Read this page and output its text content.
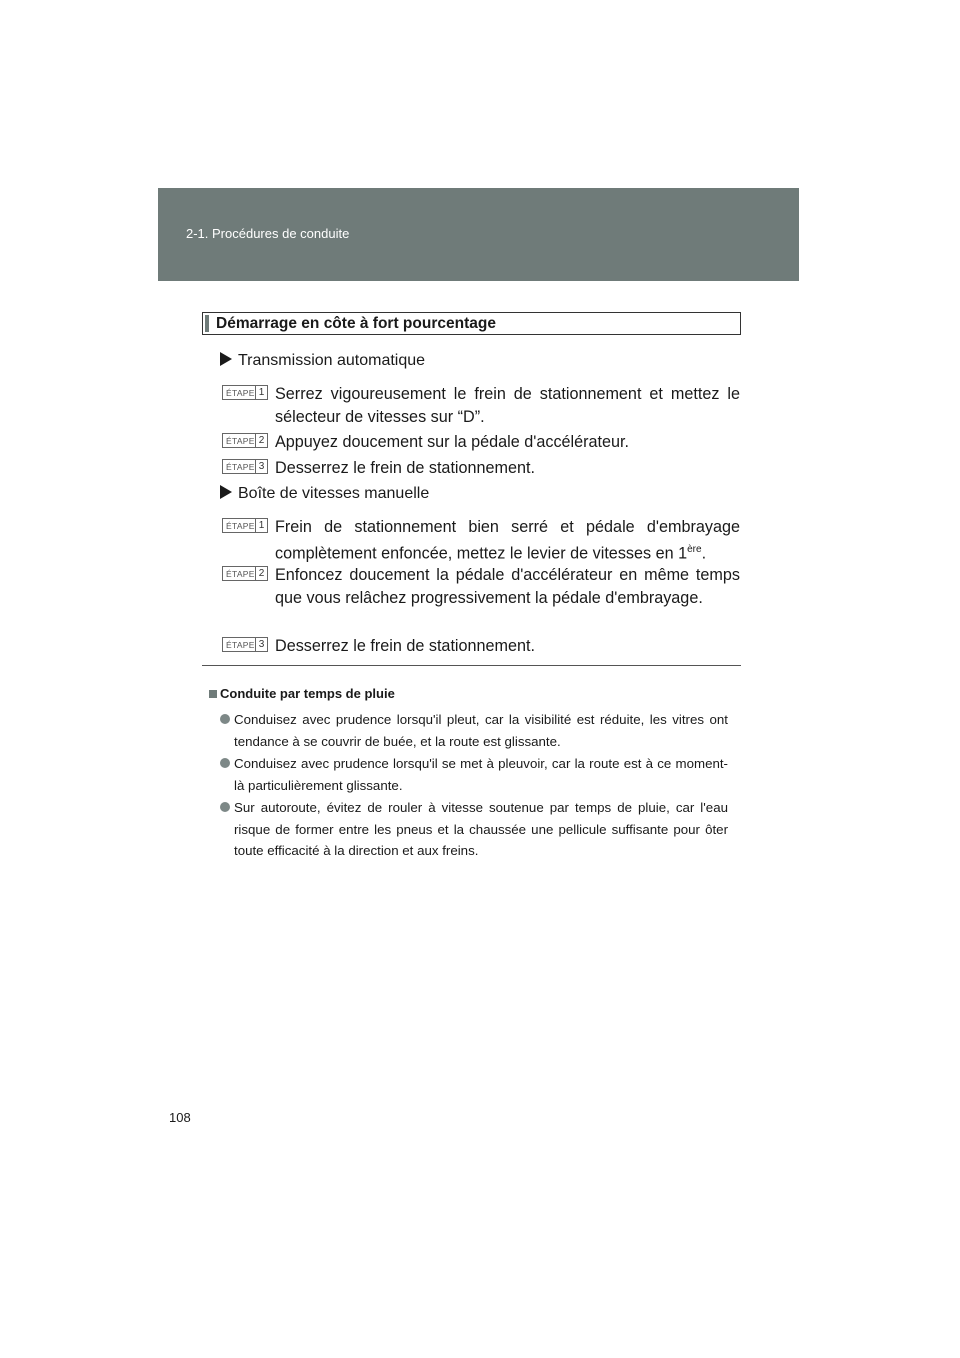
2-1. Procédures de conduite
Démarrage en côte à fort pourcentage
Transmission automatique
ÉTAPE 1 Serrez vigoureusement le frein de stationnement et mettez le sélecteur de vitesses sur “D”.
ÉTAPE 2 Appuyez doucement sur la pédale d'accélérateur.
ÉTAPE 3 Desserrez le frein de stationnement.
Boîte de vitesses manuelle
ÉTAPE 1 Frein de stationnement bien serré et pédale d'embrayage complètement enfoncée, mettez le levier de vitesses en 1ère.
ÉTAPE 2 Enfoncez doucement la pédale d'accélérateur en même temps que vous relâchez progressivement la pédale d'embrayage.
ÉTAPE 3 Desserrez le frein de stationnement.
Conduite par temps de pluie
Conduisez avec prudence lorsqu'il pleut, car la visibilité est réduite, les vitres ont tendance à se couvrir de buée, et la route est glissante.
Conduisez avec prudence lorsqu'il se met à pleuvoir, car la route est à ce moment-là particulièrement glissante.
Sur autoroute, évitez de rouler à vitesse soutenue par temps de pluie, car l'eau risque de former entre les pneus et la chaussée une pellicule suffisante pour ôter toute efficacité à la direction et aux freins.
108
